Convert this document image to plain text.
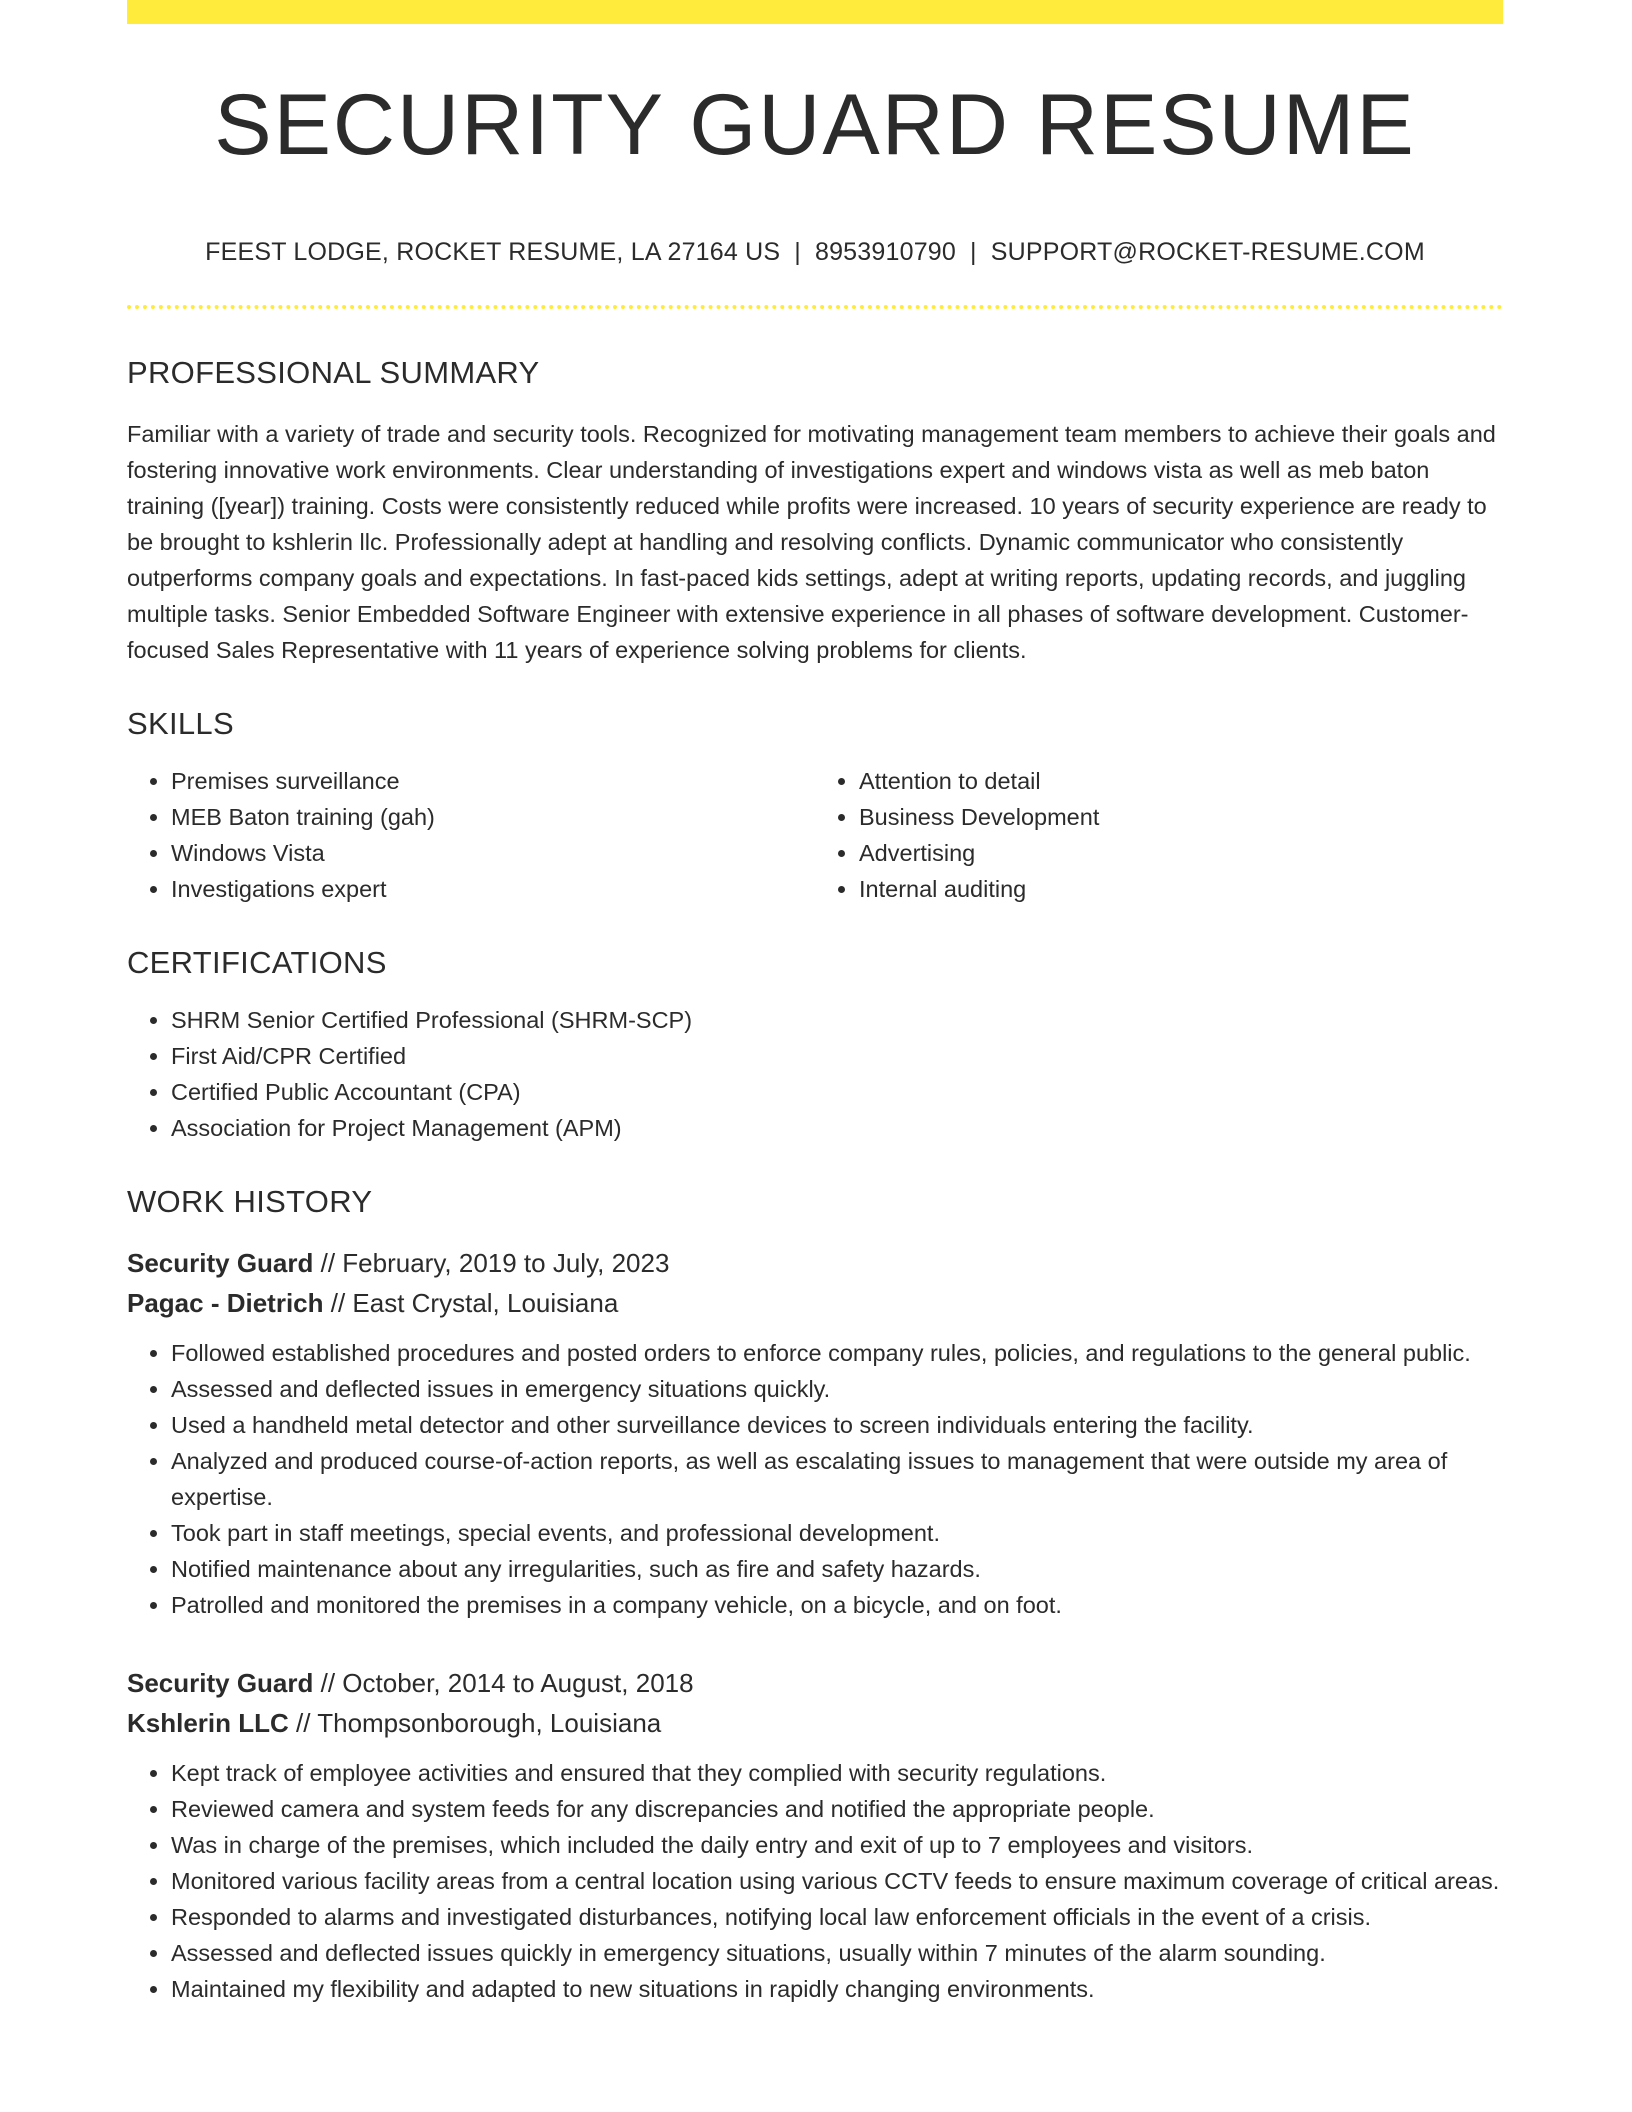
SECURITY GUARD RESUME
FEEST LODGE, ROCKET RESUME, LA 27164 US | 8953910790 | SUPPORT@ROCKET-RESUME.COM
PROFESSIONAL SUMMARY
Familiar with a variety of trade and security tools. Recognized for motivating management team members to achieve their goals and fostering innovative work environments. Clear understanding of investigations expert and windows vista as well as meb baton training ([year]) training. Costs were consistently reduced while profits were increased. 10 years of security experience are ready to be brought to kshlerin llc. Professionally adept at handling and resolving conflicts. Dynamic communicator who consistently outperforms company goals and expectations. In fast-paced kids settings, adept at writing reports, updating records, and juggling multiple tasks. Senior Embedded Software Engineer with extensive experience in all phases of software development. Customer-focused Sales Representative with 11 years of experience solving problems for clients.
SKILLS
• Premises surveillance
• MEB Baton training (gah)
• Windows Vista
• Investigations expert
• Attention to detail
• Business Development
• Advertising
• Internal auditing
CERTIFICATIONS
• SHRM Senior Certified Professional (SHRM-SCP)
• First Aid/CPR Certified
• Certified Public Accountant (CPA)
• Association for Project Management (APM)
WORK HISTORY
Security Guard // February, 2019 to July, 2023
Pagac - Dietrich // East Crystal, Louisiana
• Followed established procedures and posted orders to enforce company rules, policies, and regulations to the general public.
• Assessed and deflected issues in emergency situations quickly.
• Used a handheld metal detector and other surveillance devices to screen individuals entering the facility.
• Analyzed and produced course-of-action reports, as well as escalating issues to management that were outside my area of expertise.
• Took part in staff meetings, special events, and professional development.
• Notified maintenance about any irregularities, such as fire and safety hazards.
• Patrolled and monitored the premises in a company vehicle, on a bicycle, and on foot.
Security Guard // October, 2014 to August, 2018
Kshlerin LLC // Thompsonborough, Louisiana
• Kept track of employee activities and ensured that they complied with security regulations.
• Reviewed camera and system feeds for any discrepancies and notified the appropriate people.
• Was in charge of the premises, which included the daily entry and exit of up to 7 employees and visitors.
• Monitored various facility areas from a central location using various CCTV feeds to ensure maximum coverage of critical areas.
• Responded to alarms and investigated disturbances, notifying local law enforcement officials in the event of a crisis.
• Assessed and deflected issues quickly in emergency situations, usually within 7 minutes of the alarm sounding.
• Maintained my flexibility and adapted to new situations in rapidly changing environments.
